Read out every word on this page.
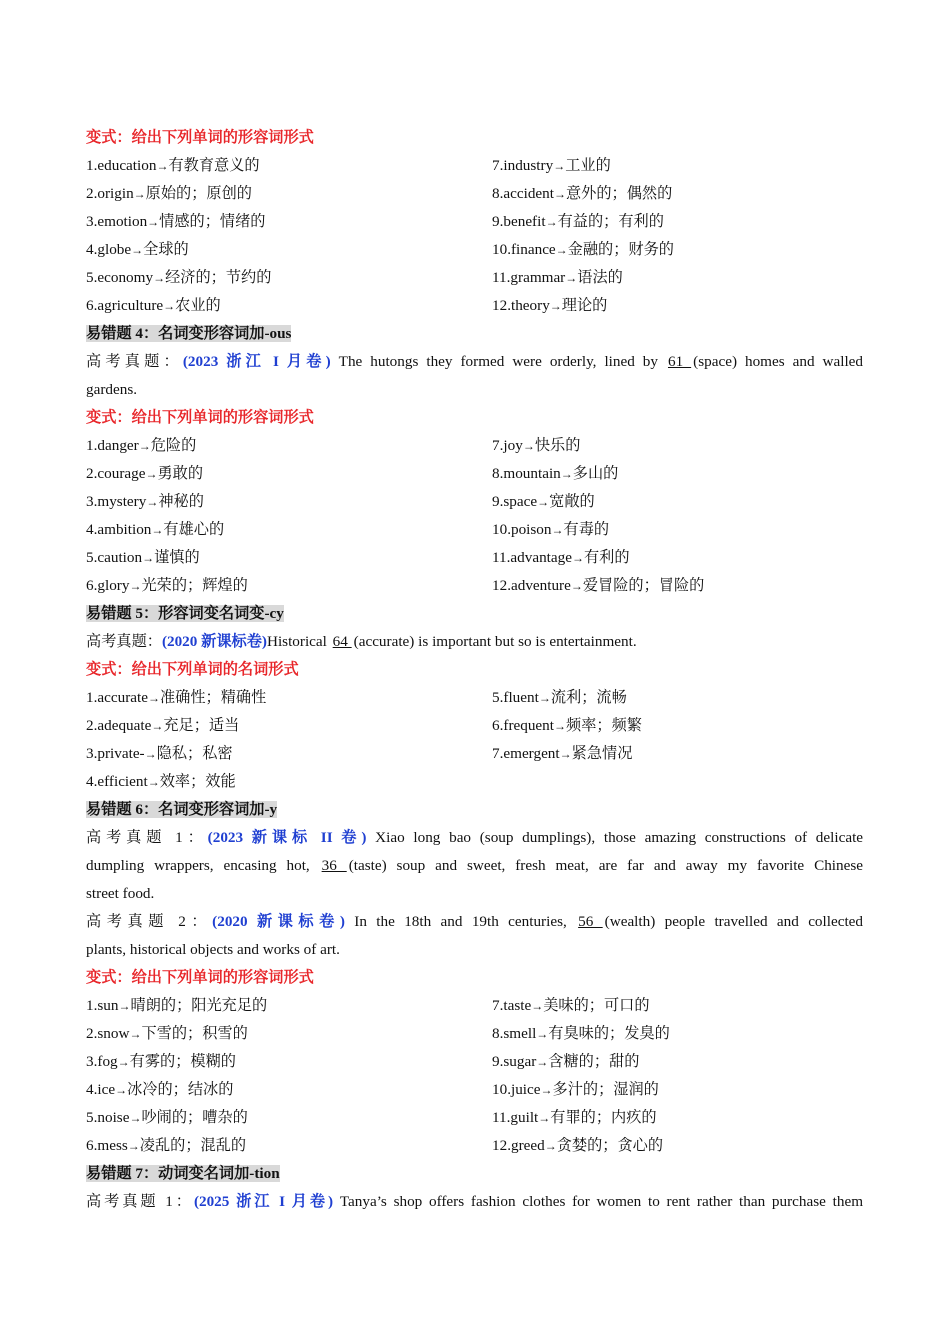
变式：给出下列单词的形容词形式
1.education→有教育意义的	7.industry→工业的
2.origin→原始的；原创的	8.accident→意外的；偶然的
3.emotion→情感的；情绪的	9.benefit→有益的；有利的
4.globe→全球的	10.finance→金融的；财务的
5.economy→经济的；节约的	11.grammar→语法的
6.agriculture→农业的	12.theory→理论的
易错题 4：名词变形容词加-ous
高考真题：(2023 浙江 I 月卷) The hutongs they formed were orderly, lined by 61 (space) homes and walled
gardens.
变式：给出下列单词的形容词形式
1.danger→危险的	7.joy→快乐的
2.courage→勇敢的	8.mountain→多山的
3.mystery→神秘的	9.space→宽敞的
4.ambition→有雄心的	10.poison→有毒的
5.caution→谨慎的	11.advantage→有利的
6.glory→光荣的；辉煌的	12.adventure→爱冒险的；冒险的
易错题 5：形容词变名词变-cy
高考真题：(2020 新课标卷)Historical 64 (accurate) is important but so is entertainment.
变式：给出下列单词的名词形式
1.accurate→准确性；精确性	5.fluent→流利；流畅
2.adequate→充足；适当	6.frequent→频率；频繁
3.private-→隐私；私密	7.emergent→紧急情况
4.efficient→效率；效能
易错题 6：名词变形容词加-y
高考真题 1：(2023 新课标 II 卷) Xiao long bao (soup dumplings), those amazing constructions of delicate
dumpling wrappers, encasing hot, 36 (taste) soup and sweet, fresh meat, are far and away my favorite Chinese
street food.
高考真题 2：(2020 新课标卷) In the 18th and 19th centuries, 56 (wealth) people travelled and collected
plants, historical objects and works of art.
变式：给出下列单词的形容词形式
1.sun→晴朗的；阳光充足的	7.taste→美味的；可口的
2.snow→下雪的；积雪的	8.smell→有臭味的；发臭的
3.fog→有雾的；模糊的	9.sugar→含糖的；甜的
4.ice→冰冷的；结冰的	10.juice→多汁的；湿润的
5.noise→吵闹的；嘈杂的	11.guilt→有罪的；内疚的
6.mess→凌乱的；混乱的	12.greed→贪婪的；贪心的
易错题 7：动词变名词加-tion
高考真题 1：(2025 浙江 I 月卷) Tanya’s shop offers fashion clothes for women to rent rather than purchase them
